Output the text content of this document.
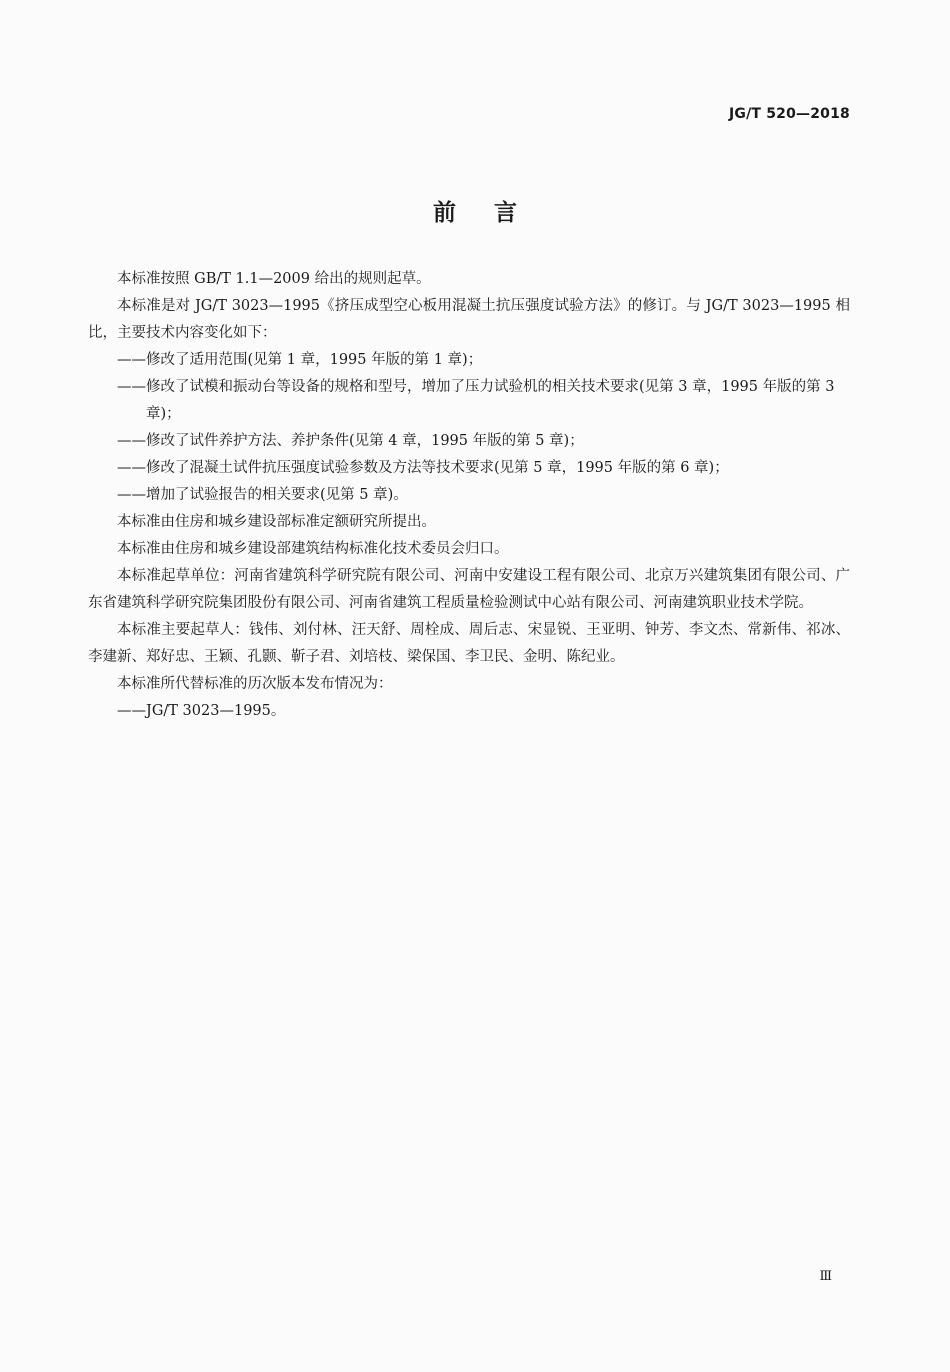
JG/T 520—2018
前言

本标准按照 GB/T 1.1—2009 给出的规则起草。

本标准是对 JG/T 3023—1995《挤压成型空心板用混凝土抗压强度试验方法》的修订。与 JG/T 3023—1995 相比，主要技术内容变化如下：

——修改了适用范围(见第 1 章，1995 年版的第 1 章)；
——修改了试模和振动台等设备的规格和型号，增加了压力试验机的相关技术要求(见第 3 章，1995 年版的第 3 章)；
——修改了试件养护方法、养护条件(见第 4 章，1995 年版的第 5 章)；
——修改了混凝土试件抗压强度试验参数及方法等技术要求(见第 5 章，1995 年版的第 6 章)；
——增加了试验报告的相关要求(见第 5 章)。

本标准由住房和城乡建设部标准定额研究所提出。

本标准由住房和城乡建设部建筑结构标准化技术委员会归口。

本标准起草单位：河南省建筑科学研究院有限公司、河南中安建设工程有限公司、北京万兴建筑集团有限公司、广东省建筑科学研究院集团股份有限公司、河南省建筑工程质量检验测试中心站有限公司、河南建筑职业技术学院。

本标准主要起草人：钱伟、刘付林、汪天舒、周栓成、周后志、宋显锐、王亚明、钟芳、李文杰、常新伟、祁冰、李建新、郑好忠、王颖、孔颢、靳子君、刘培枝、梁保国、李卫民、金明、陈纪业。

本标准所代替标准的历次版本发布情况为：

——JG/T 3023—1995。
Ⅲ
